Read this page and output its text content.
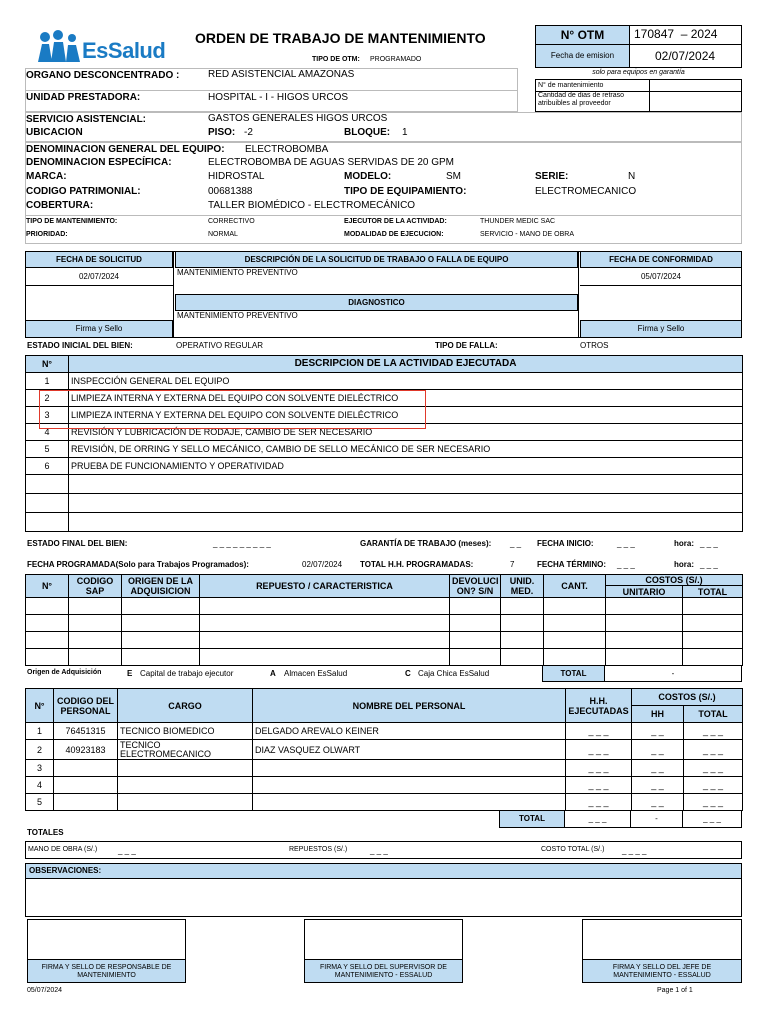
EsSalud ORDEN DE TRABAJO DE MANTENIMIENTO
TIPO DE OTM: PROGRAMADO
N° OTM	170847 – 2024
Fecha de emision	02/07/2024
solo para equipos en garantía
N° de mantenimiento
Cantidad de dias de retraso atribuibles al proveedor
ORGANO DESCONCENTRADO :	RED ASISTENCIAL AMAZONAS
UNIDAD PRESTADORA:	HOSPITAL - I - HIGOS URCOS
SERVICIO ASISTENCIAL:	GASTOS GENERALES HIGOS URCOS
UBICACION	PISO: -2	BLOQUE: 1
DENOMINACION GENERAL DEL EQUIPO: ELECTROBOMBA
DENOMINACION ESPECÍFICA:	ELECTROBOMBA DE AGUAS SERVIDAS DE 20 GPM
MARCA:	HIDROSTAL	MODELO:	SM	SERIE:	N
CODIGO PATRIMONIAL:	00681388	TIPO DE EQUIPAMIENTO:	ELECTROMECANICO
COBERTURA:	TALLER BIOMÉDICO - ELECTROMECÁNICO
TIPO DE MANTENIMIENTO:	CORRECTIVO	EJECUTOR DE LA ACTIVIDAD:	THUNDER MEDIC SAC
PRIORIDAD:	NORMAL	MODALIDAD DE EJECUCION:	SERVICIO - MANO DE OBRA
FECHA DE SOLICITUD
02/07/2024
Firma y Sello
DESCRIPCIÓN DE LA SOLICITUD DE TRABAJO O FALLA DE EQUIPO
MANTENIMIENTO PREVENTIVO
DIAGNOSTICO
MANTENIMIENTO PREVENTIVO
FECHA DE CONFORMIDAD
05/07/2024
Firma y Sello
ESTADO INICIAL DEL BIEN:	OPERATIVO REGULAR	TIPO DE FALLA:	OTROS
N°	DESCRIPCION DE LA ACTIVIDAD EJECUTADA
1	INSPECCIÓN GENERAL DEL EQUIPO
2	LIMPIEZA INTERNA Y EXTERNA DEL EQUIPO CON SOLVENTE DIELÉCTRICO
3	LIMPIEZA INTERNA Y EXTERNA DEL EQUIPO CON SOLVENTE DIELÉCTRICO
4	REVISIÓN Y LUBRICACIÓN DE RODAJE, CAMBIO DE SER NECESARIO
5	REVISIÓN, DE ORRING Y SELLO MECÁNICO, CAMBIO DE SELLO MECÁNICO DE SER NECESARIO
6	PRUEBA DE FUNCIONAMIENTO Y OPERATIVIDAD

ESTADO FINAL DEL BIEN:	_ _ _ _ _ _ _ _ _	GARANTÍA DE TRABAJO (meses): _ _ FECHA INICIO:	_ _ _	hora: _ _ _
FECHA PROGRAMADA(Solo para Trabajos Programados):	02/07/2024 TOTAL H.H. PROGRAMADAS:	7	FECHA TÉRMINO: _ _ _	hora: _ _ _
N°	CODIGO SAP	ORIGEN DE LA ADQUISICION	REPUESTO / CARACTERISTICA	DEVOLUCI ON? S/N	UNID. MED.	CANT.	COSTOS (S/.)	
							UNITARIO	TOTAL

Origen de Adquisición	E Capital de trabajo ejecutor	A Almacen EsSalud	C Caja Chica EsSalud	TOTAL	-
N°	CODIGO DEL PERSONAL	CARGO	NOMBRE DEL PERSONAL	H.H. EJECUTADAS	COSTOS (S/.)	
					HH	TOTAL
1	76451315	TECNICO BIOMEDICO	DELGADO AREVALO KEINER	_ _ _	_ _	_ _ _
2	40923183	TECNICO ELECTROMECANICO	DIAZ VASQUEZ OLWART	_ _ _	_ _	_ _ _
3				_ _ _	_ _	_ _ _
4				_ _ _	_ _	_ _ _
5				_ _ _	_ _	_ _ _
TOTAL	_ _ _	-	_ _ _
TOTALES
MANO DE OBRA (S/.)	_ _ _	REPUESTOS (S/.)	_ _ _	COSTO TOTAL (S/.) _ _ _ _
OBSERVACIONES:
FIRMA Y SELLO DE RESPONSABLE DE MANTENIMIENTO
FIRMA Y SELLO DEL SUPERVISOR DE MANTENIMIENTO - ESSALUD
FIRMA Y SELLO DEL JEFE DE MANTENIMIENTO - ESSALUD
05/07/2024	Page 1 of 1
